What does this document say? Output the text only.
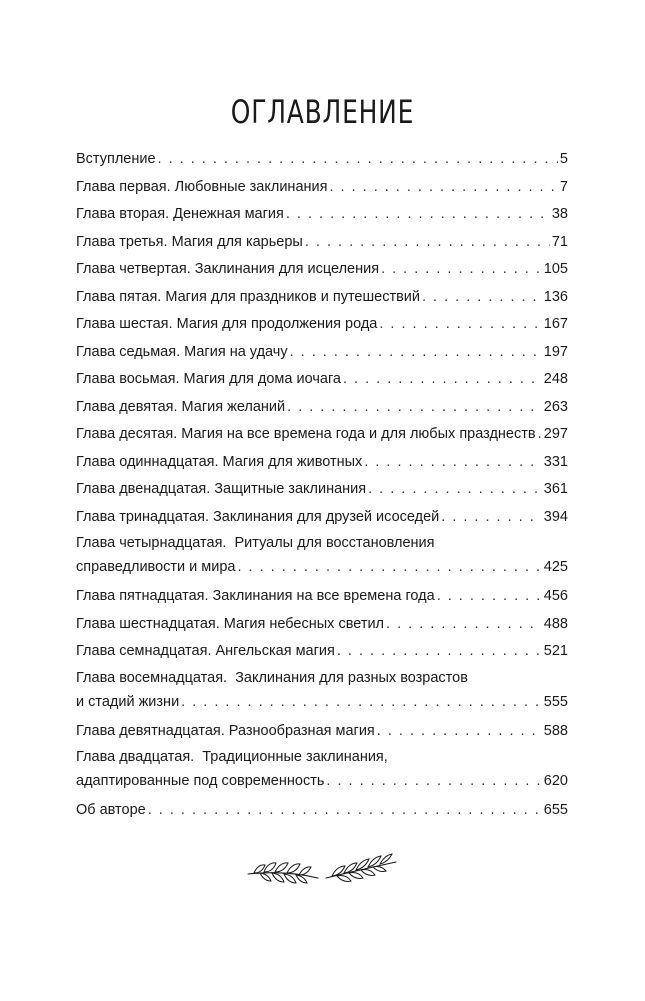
ОГЛАВЛЕНИЕ
Вступление . . .	5
Глава первая. Любовные заклинания . . .	7
Глава вторая. Денежная магия . . .	38
Глава третья. Магия для карьеры . . .	71
Глава четвертая. Заклинания для исцеления . . .	105
Глава пятая. Магия для праздников и путешествий . . .	136
Глава шестая. Магия для продолжения рода . . .	167
Глава седьмая. Магия на удачу . . .	197
Глава восьмая. Магия для дома иочага . . .	248
Глава девятая. Магия желаний . . .	263
Глава десятая. Магия на все времена года и для любых празднеств . . . 297
Глава одиннадцатая. Магия для животных . . .	331
Глава двенадцатая. Защитные заклинания . . .	361
Глава тринадцатая. Заклинания для друзей исоседей . . .	394
Глава четырнадцатая. Ритуалы для восстановления
справедливости и мира . . .	425
Глава пятнадцатая. Заклинания на все времена года . . .	456
Глава шестнадцатая. Магия небесных светил . . .	488
Глава семнадцатая. Ангельская магия . . .	521
Глава восемнадцатая. Заклинания для разных возрастов
и стадий жизни . . .	555
Глава девятнадцатая. Разнообразная магия . . .	588
Глава двадцатая. Традиционные заклинания,
адаптированные под современность . . .	620
Об авторе . . .	655
